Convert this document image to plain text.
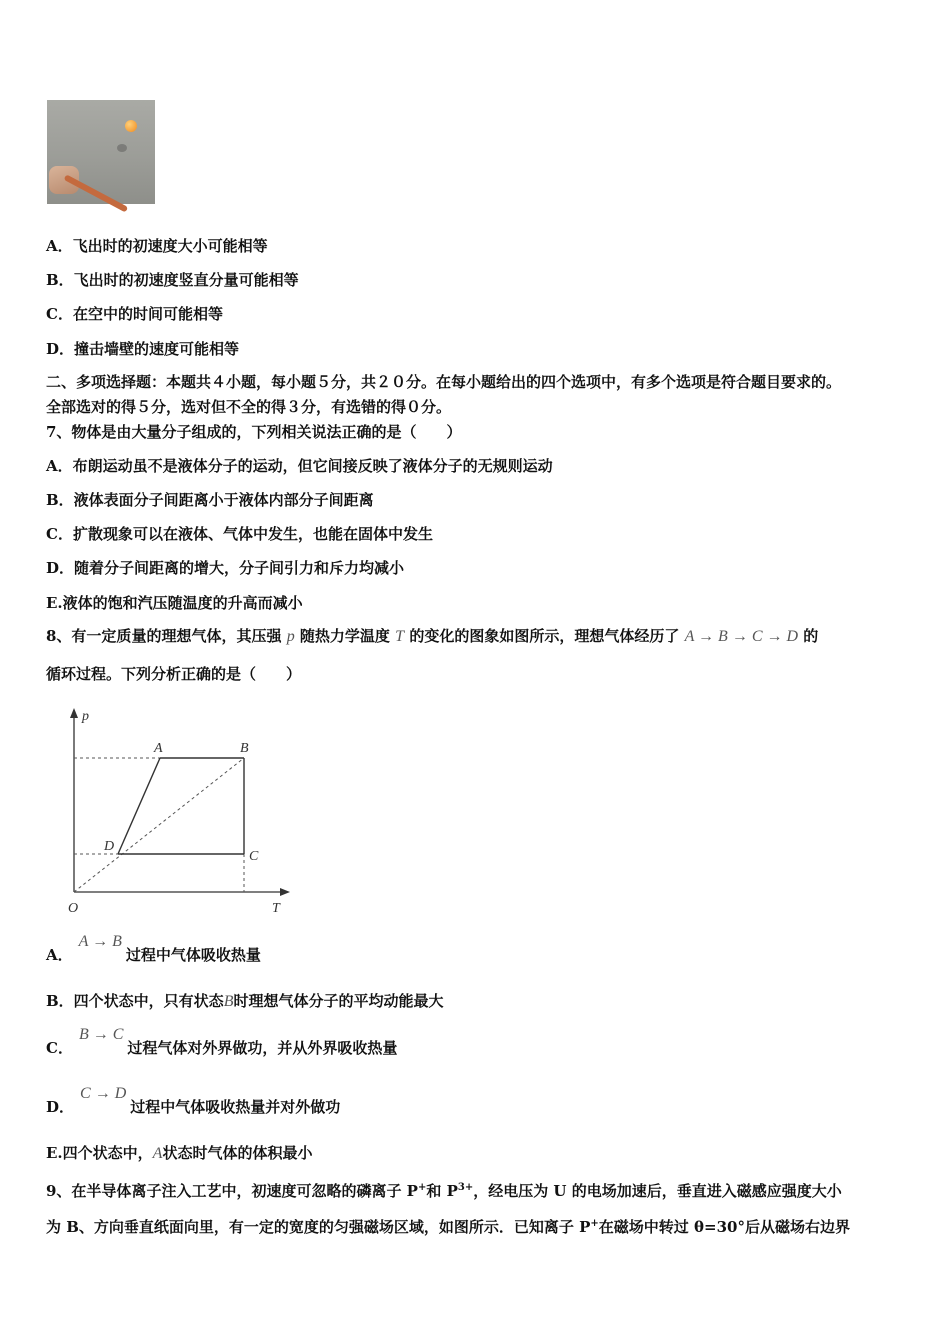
A．飞出时的初速度大小可能相等
B．飞出时的初速度竖直分量可能相等
C．在空中的时间可能相等
D．撞击墙壁的速度可能相等
二、多项选择题：本题共４小题，每小题５分，共２０分。在每小题给出的四个选项中，有多个选项是符合题目要求的。
全部选对的得５分，选对但不全的得３分，有选错的得０分。
7、物体是由大量分子组成的，下列相关说法正确的是（　　）
A．布朗运动虽不是液体分子的运动，但它间接反映了液体分子的无规则运动
B．液体表面分子间距离小于液体内部分子间距离
C．扩散现象可以在液体、气体中发生，也能在固体中发生
D．随着分子间距离的增大，分子间引力和斥力均减小
E.液体的饱和汽压随温度的升高而减小
8、有一定质量的理想气体，其压强 p 随热力学温度 T 的变化的图象如图所示，理想气体经历了 A → B → C → D 的
循环过程。下列分析正确的是（　　）
p
T
O
A	B
C
D
A．A → B过程中气体吸收热量
B．四个状态中，只有状态B时理想气体分子的平均动能最大
C．B → C过程气体对外界做功，并从外界吸收热量
D．C → D过程中气体吸收热量并对外做功
E.四个状态中，A状态时气体的体积最小
9、在半导体离子注入工艺中，初速度可忽略的磷离子 P+和 $P^{3+}$，经电压为 U 的电场加速后，垂直进入磁感应强度大小
为 B、方向垂直纸面向里，有一定的宽度的匀强磁场区域，如图所示．已知离子 P+在磁场中转过 θ=30°后从磁场右边界
